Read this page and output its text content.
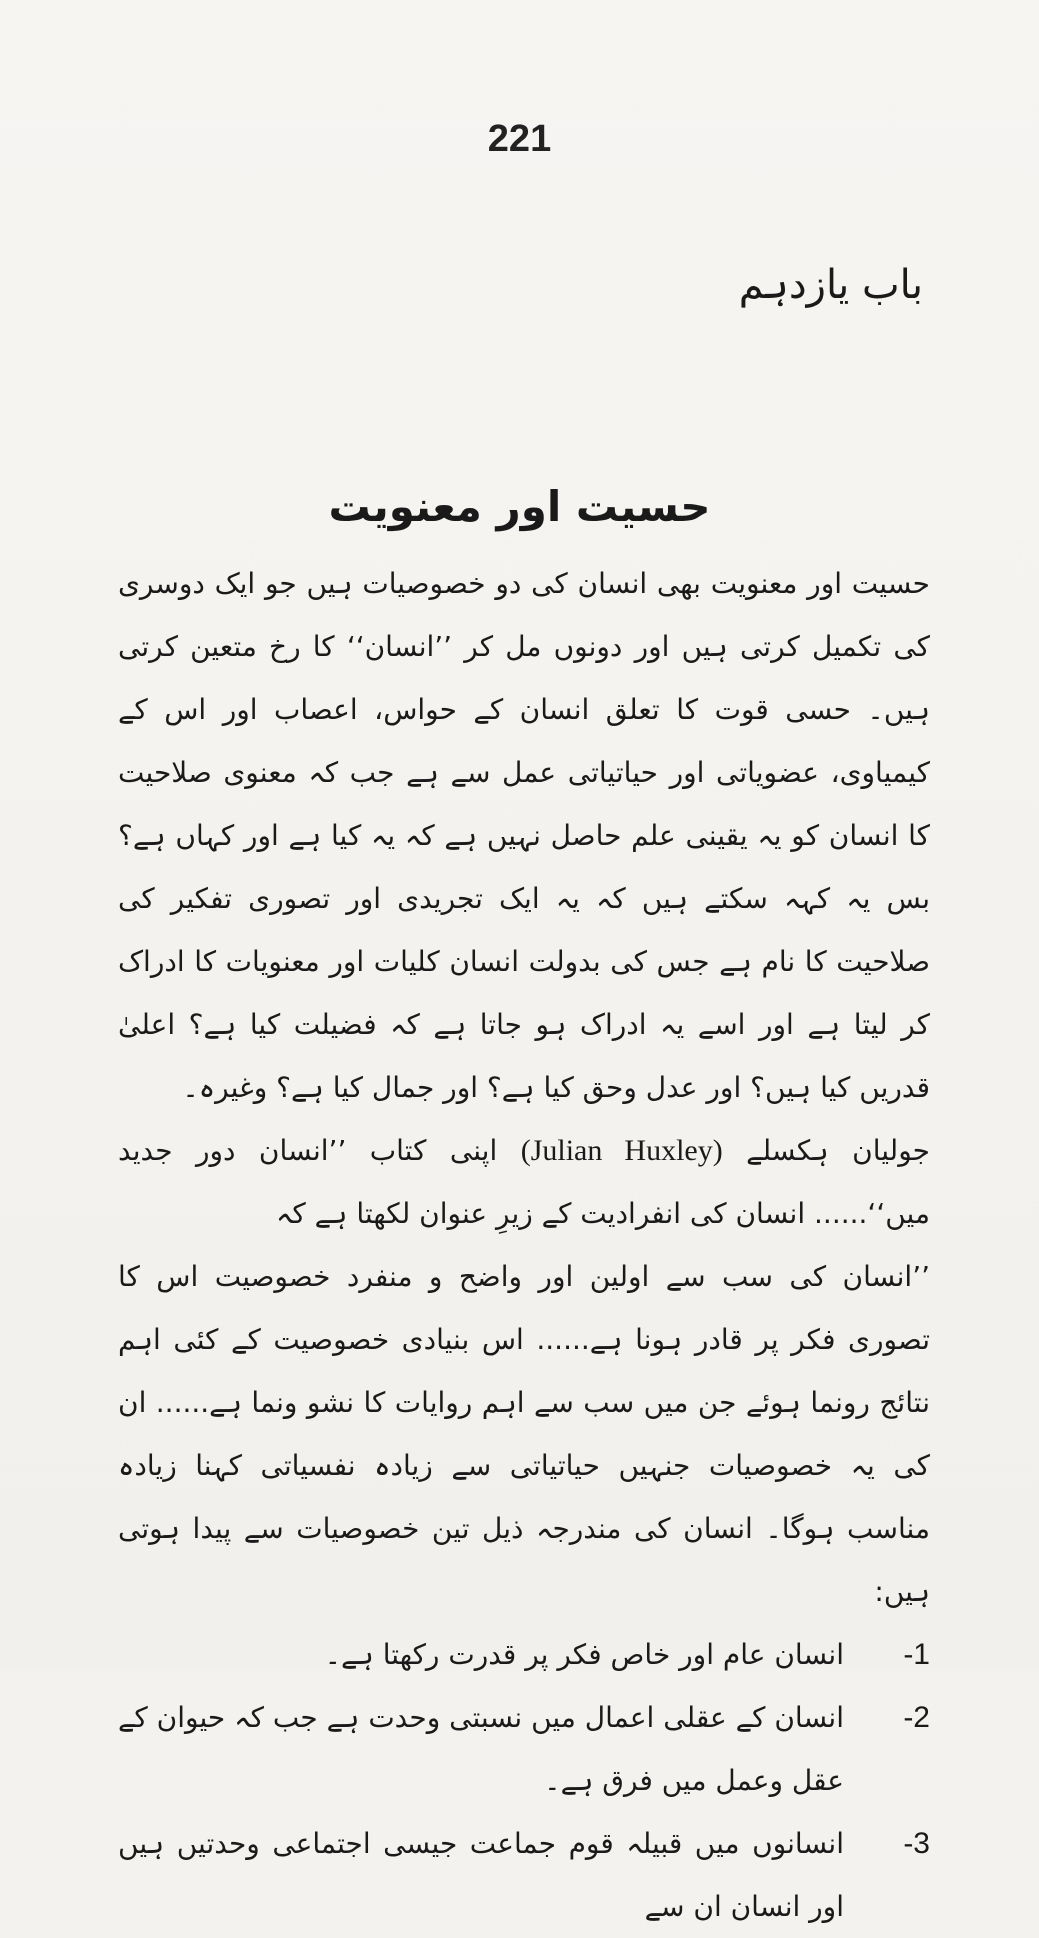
221
باب یازدہم
حسیت اور معنویت

حسیت اور معنویت بھی انسان کی دو خصوصیات ہیں جو ایک دوسری کی تکمیل کرتی ہیں اور دونوں مل کر ’’انسان‘‘ کا رخ متعین کرتی ہیں۔ حسی قوت کا تعلق انسان کے حواس، اعصاب اور اس کے کیمیاوی، عضویاتی اور حیاتیاتی عمل سے ہے جب کہ معنوی صلاحیت کا انسان کو یہ یقینی علم حاصل نہیں ہے کہ یہ کیا ہے اور کہاں ہے؟ بس یہ کہہ سکتے ہیں کہ یہ ایک تجریدی اور تصوری تفکیر کی صلاحیت کا نام ہے جس کی بدولت انسان کلیات اور معنویات کا ادراک کر لیتا ہے اور اسے یہ ادراک ہو جاتا ہے کہ فضیلت کیا ہے؟ اعلیٰ قدریں کیا ہیں؟ اور عدل وحق کیا ہے؟ اور جمال کیا ہے؟ وغیرہ۔

جولیان ہکسلے (Julian Huxley) اپنی کتاب ’’انسان دور جدید میں‘‘...... انسان کی انفرادیت کے زیرِ عنوان لکھتا ہے کہ

’’انسان کی سب سے اولین اور واضح و منفرد خصوصیت اس کا تصوری فکر پر قادر ہونا ہے...... اس بنیادی خصوصیت کے کئی اہم نتائج رونما ہوئے جن میں سب سے اہم روایات کا نشو ونما ہے...... ان کی یہ خصوصیات جنہیں حیاتیاتی سے زیادہ نفسیاتی کہنا زیادہ مناسب ہوگا۔ انسان کی مندرجہ ذیل تین خصوصیات سے پیدا ہوتی ہیں:

-1
انسان عام اور خاص فکر پر قدرت رکھتا ہے۔
-2
انسان کے عقلی اعمال میں نسبتی وحدت ہے جب کہ حیوان کے عقل وعمل میں فرق ہے۔
-3
انسانوں میں قبیلہ قوم جماعت جیسی اجتماعی وحدتیں ہیں اور انسان ان سے
